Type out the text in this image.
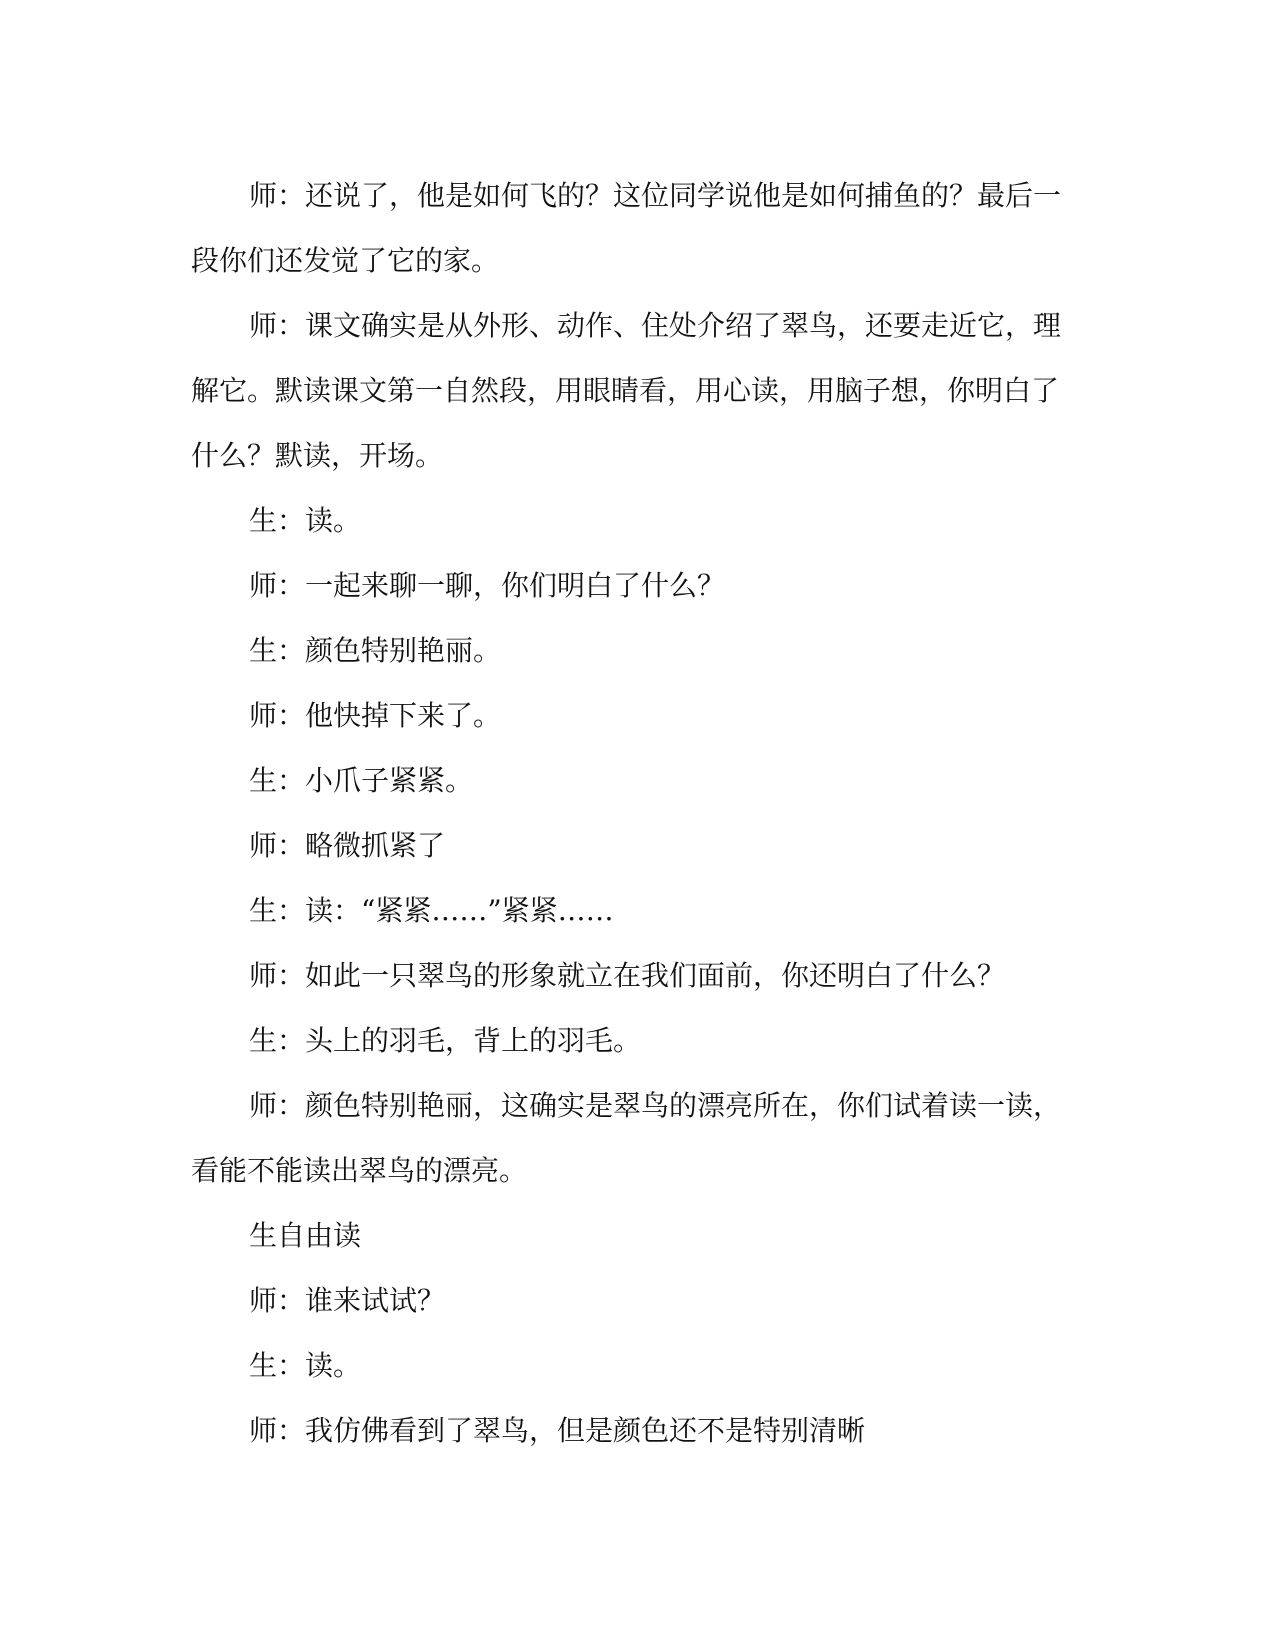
师：还说了，他是如何飞的？这位同学说他是如何捕鱼的？最后一段你们还发觉了它的家。

师：课文确实是从外形、动作、住处介绍了翠鸟，还要走近它，理解它。默读课文第一自然段，用眼睛看，用心读，用脑子想，你明白了什么？默读，开场。

生：读。

师：一起来聊一聊，你们明白了什么？

生：颜色特别艳丽。

师：他快掉下来了。

生：小爪子紧紧。

师：略微抓紧了

生：读：“紧紧……”紧紧……

师：如此一只翠鸟的形象就立在我们面前，你还明白了什么？

生：头上的羽毛，背上的羽毛。

师：颜色特别艳丽，这确实是翠鸟的漂亮所在，你们试着读一读，看能不能读出翠鸟的漂亮。

生自由读

师：谁来试试？

生：读。

师：我仿佛看到了翠鸟，但是颜色还不是特别清晰
